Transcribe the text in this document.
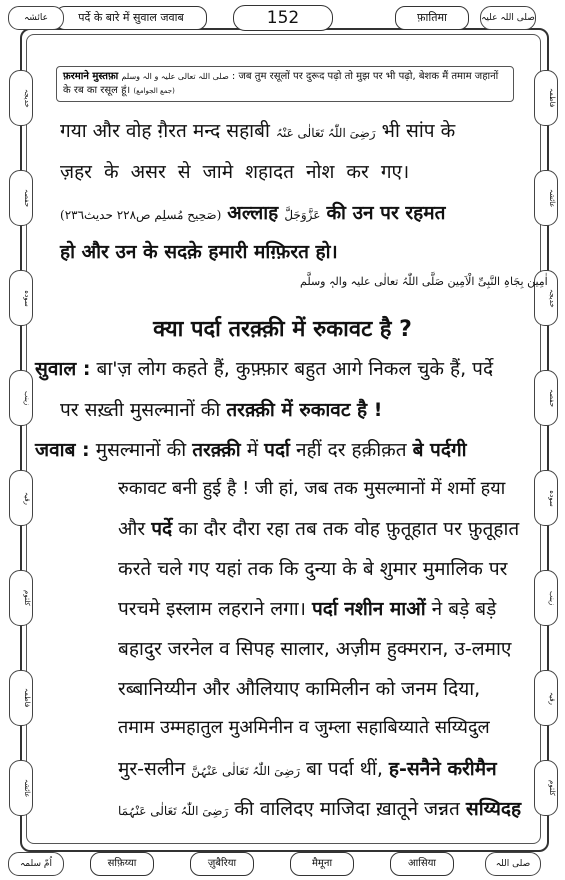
पर्दे के बारे में सुवाल जवाब	152	फ़ातिमा	صلی اللہ علیہ
عائشہ
خدیجہ
حفصہ
سودہ
زینب
رقیہ
کلثوم
فاطمہ
عائشہ
فاطمہ
عائشہ
خدیجہ
حفصہ
سودہ
زینب
رقیہ
کلثوم
फ़रमाने मुस्तफ़ा صلی اللہ تعالی علیہ و الہ وسلم : जब तुम रसूलों पर दुरूद पढ़ो तो मुझ पर भी पढ़ो, बेशक मैं तमाम जहानों
के रब का रसूल हूं। (جمع الجوامع)
गया और वोह ग़ैरत मन्द सहाबी رَضِیَ اللّٰہُ تَعَالٰی عَنْہُ भी सांप के
ज़हर के असर से जामे शहादत नोश कर गए।
(صَحِیح مُسلِم ص٢٢٨ حدیث٢٣٦) अल्लाह عَزَّوَجَلَّ की उन पर रहमत
हो और उन के सदक़े हमारी मग़्फ़िरत हो।
اٰمِین بِجَاہِ النَّبِیِّ الْاَمِین صَلَّی اللّٰہُ تعالٰی علیہ والہٖ وسلَّم
क्या पर्दा तरक़्क़ी में रुकावट है ?
सुवाल : बा'ज़ लोग कहते हैं, कुफ़्फ़ार बहुत आगे निकल चुके हैं, पर्दे
पर सख़्ती मुसल्मानों की तरक़्क़ी में रुकावट है !
जवाब : मुसल्मानों की तरक़्क़ी में पर्दा नहीं दर हक़ीक़त बे पर्दगी
रुकावट बनी हुई है ! जी हां, जब तक मुसल्मानों में शर्मो हया
और पर्दे का दौर दौरा रहा तब तक वोह फ़ुतूहात पर फ़ुतूहात
करते चले गए यहां तक कि दुन्या के बे शुमार मुमालिक पर
परचमे इस्लाम लहराने लगा। पर्दा नशीन माओं ने बड़े बड़े
बहादुर जरनेल व सिपह सालार, अज़ीम हुक्मरान, उ-लमाए
रब्बानिय्यीन और औलियाए कामिलीन को जनम दिया,
तमाम उम्महातुल मुअमिनीन व जुम्ला सहाबिय्याते सय्यिदुल
मुर-सलीन رَضِیَ اللّٰہُ تَعَالٰی عَنْہُنَّ बा पर्दा थीं, ह-सनैने करीमैन
رَضِیَ اللّٰہُ تَعَالٰی عَنْہُمَا की वालिदए माजिदा ख़ातूने जन्नत सय्यिदह
اُمّ سلمہ	सफ़िय्या	ज़ुबैरिया	मैमूना	आसिया	صلی اللہ
